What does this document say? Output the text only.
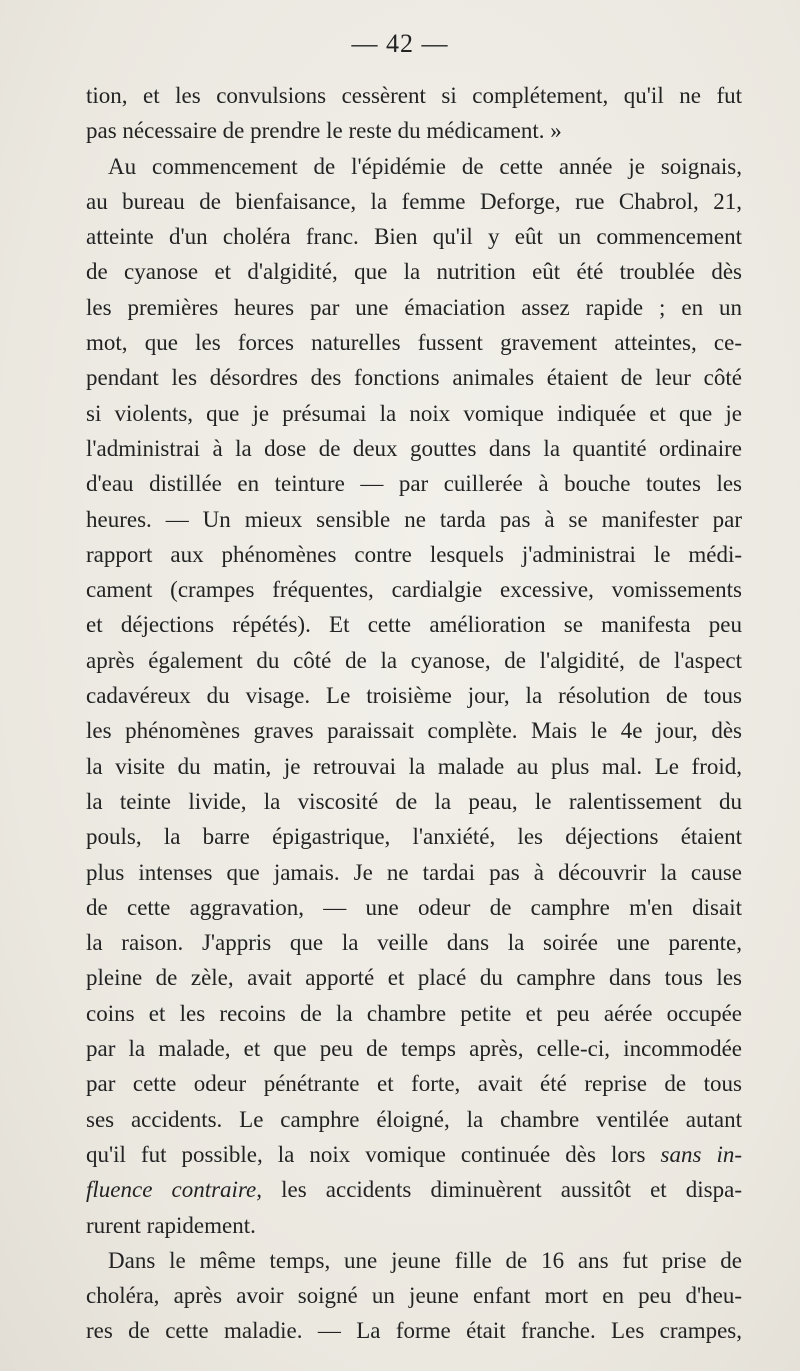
— 42 —
tion, et les convulsions cessèrent si complétement, qu'il ne fut
pas nécessaire de prendre le reste du médicament. »
Au commencement de l'épidémie de cette année je soignais,
au bureau de bienfaisance, la femme Deforge, rue Chabrol, 21,
atteinte d'un choléra franc. Bien qu'il y eût un commencement
de cyanose et d'algidité, que la nutrition eût été troublée dès
les premières heures par une émaciation assez rapide ; en un
mot, que les forces naturelles fussent gravement atteintes, ce-
pendant les désordres des fonctions animales étaient de leur côté
si violents, que je présumai la noix vomique indiquée et que je
l'administrai à la dose de deux gouttes dans la quantité ordinaire
d'eau distillée en teinture — par cuillerée à bouche toutes les
heures. — Un mieux sensible ne tarda pas à se manifester par
rapport aux phénomènes contre lesquels j'administrai le médi-
cament (crampes fréquentes, cardialgie excessive, vomissements
et déjections répétés). Et cette amélioration se manifesta peu
après également du côté de la cyanose, de l'algidité, de l'aspect
cadavéreux du visage. Le troisième jour, la résolution de tous
les phénomènes graves paraissait complète. Mais le 4e jour, dès
la visite du matin, je retrouvai la malade au plus mal. Le froid,
la teinte livide, la viscosité de la peau, le ralentissement du
pouls, la barre épigastrique, l'anxiété, les déjections étaient
plus intenses que jamais. Je ne tardai pas à découvrir la cause
de cette aggravation, — une odeur de camphre m'en disait
la raison. J'appris que la veille dans la soirée une parente,
pleine de zèle, avait apporté et placé du camphre dans tous les
coins et les recoins de la chambre petite et peu aérée occupée
par la malade, et que peu de temps après, celle-ci, incommodée
par cette odeur pénétrante et forte, avait été reprise de tous
ses accidents. Le camphre éloigné, la chambre ventilée autant
qu'il fut possible, la noix vomique continuée dès lors sans in-
fluence contraire, les accidents diminuèrent aussitôt et dispa-
rurent rapidement.
Dans le même temps, une jeune fille de 16 ans fut prise de
choléra, après avoir soigné un jeune enfant mort en peu d'heu-
res de cette maladie. — La forme était franche. Les crampes,
